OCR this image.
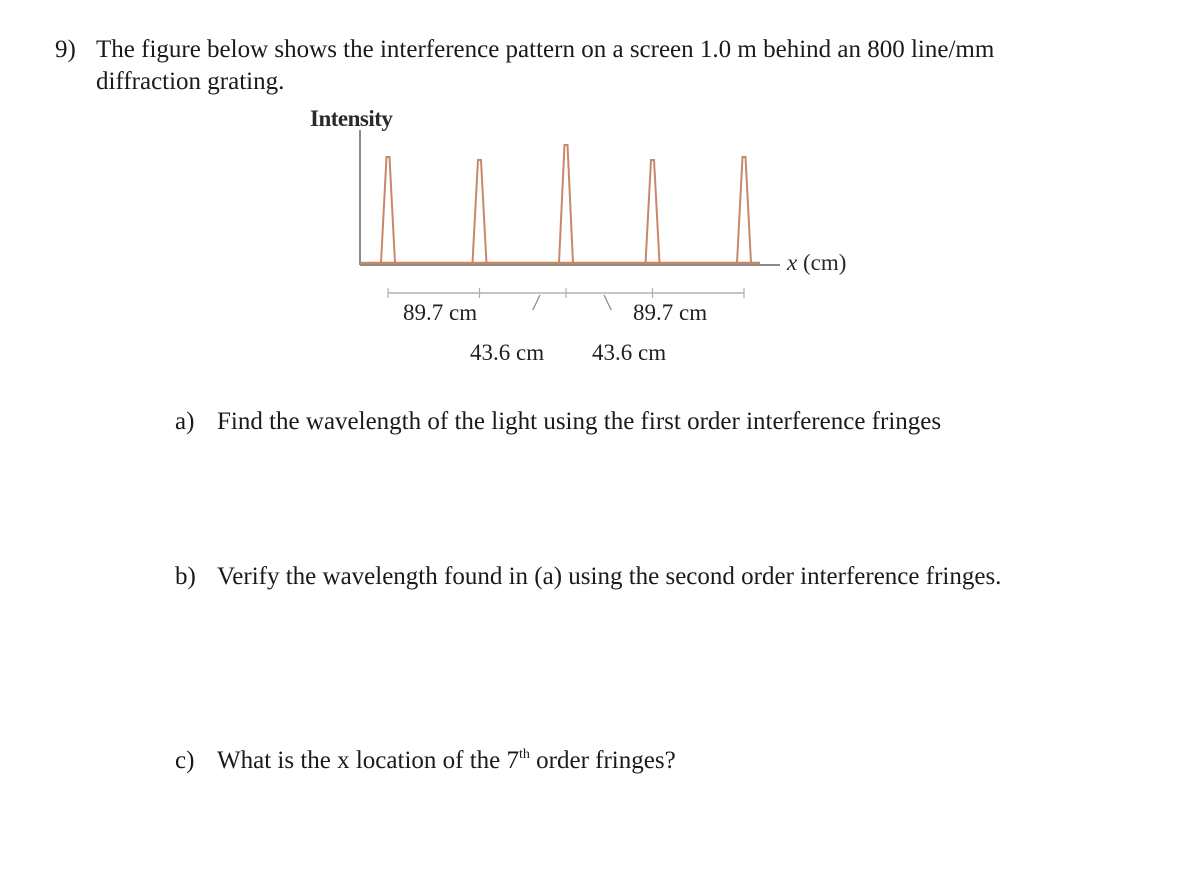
9) The figure below shows the interference pattern on a screen 1.0 m behind an 800 line/mm
diffraction grating.
Intensity
x (cm)
89.7 cm	89.7 cm
43.6 cm 43.6 cm
a) Find the wavelength of the light using the first order interference fringes
b) Verify the wavelength found in (a) using the second order interference fringes.
c) What is the x location of the 7th order fringes?
